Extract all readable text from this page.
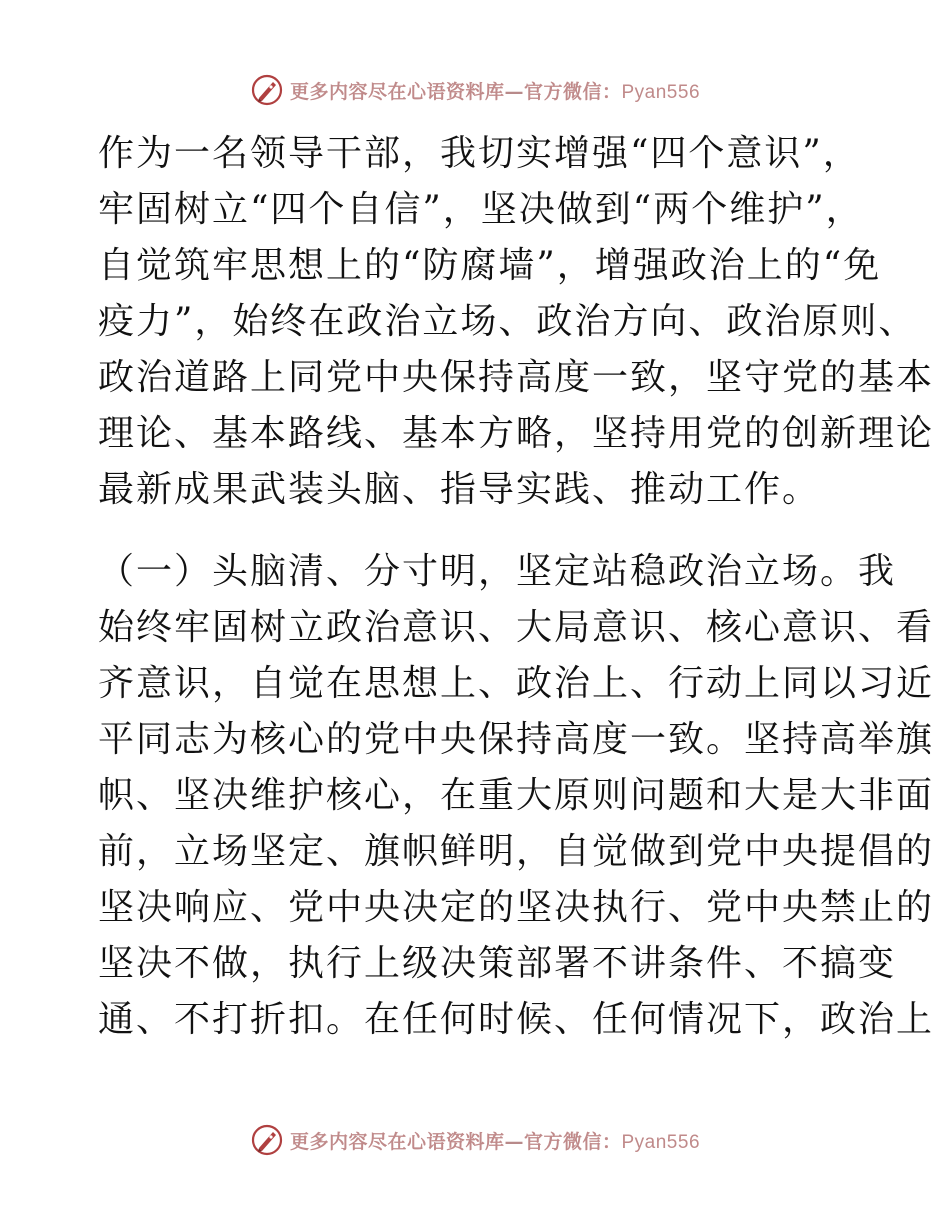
更多内容尽在心语资料库—官方微信：Pyan556
作为一名领导干部，我切实增强“四个意识”，
牢固树立“四个自信”，坚决做到“两个维护”，
自觉筑牢思想上的“防腐墙”，增强政治上的“免
疫力”，始终在政治立场、政治方向、政治原则、
政治道路上同党中央保持高度一致，坚守党的基本
理论、基本路线、基本方略，坚持用党的创新理论
最新成果武装头脑、指导实践、推动工作。
（一）头脑清、分寸明，坚定站稳政治立场。我
始终牢固树立政治意识、大局意识、核心意识、看
齐意识，自觉在思想上、政治上、行动上同以习近
平同志为核心的党中央保持高度一致。坚持高举旗
帜、坚决维护核心，在重大原则问题和大是大非面
前，立场坚定、旗帜鲜明，自觉做到党中央提倡的
坚决响应、党中央决定的坚决执行、党中央禁止的
坚决不做，执行上级决策部署不讲条件、不搞变
通、不打折扣。在任何时候、任何情况下，政治上
更多内容尽在心语资料库—官方微信：Pyan556
